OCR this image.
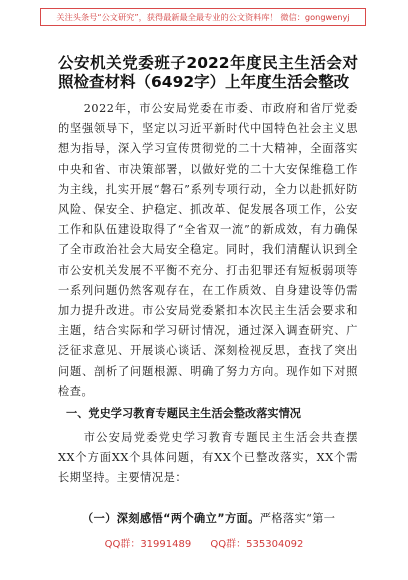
关注头条号“公文研究”，获得最新最全最专业的公文资料库！ 微信：gongwenyj
公安机关党委班子2022年度民主生活会对照检查材料（6492字）上年度生活会整改

2022年，市公安局党委在市委、市政府和省厅党委的坚强领导下，坚定以习近平新时代中国特色社会主义思想为指导，深入学习宣传贯彻党的二十大精神，全面落实中央和省、市决策部署，以做好党的二十大安保维稳工作为主线，扎实开展“磐石”系列专项行动，全力以赴抓好防风险、保安全、护稳定、抓改革、促发展各项工作，公安工作和队伍建设取得了“全省双一流”的新成效，有力确保了全市政治社会大局安全稳定。同时，我们清醒认识到全市公安机关发展不平衡不充分、打击犯罪还有短板弱项等一系列问题仍然客观存在，在工作质效、自身建设等仍需加力提升改进。市公安局党委紧扣本次民主生活会要求和主题，结合实际和学习研讨情况，通过深入调查研究、广泛征求意见、开展谈心谈话、深刻检视反思，查找了突出问题、剖析了问题根源、明确了努力方向。现作如下对照检查。

一、党史学习教育专题民主生活会整改落实情况

市公安局党委党史学习教育专题民主生活会共查摆XX个方面XX个具体问题，有XX个已整改落实，XX个需长期坚持。主要情况是：

（一）深刻感悟“两个确立”方面。严格落实“第一
QQ群：31991489 QQ群：535304092
